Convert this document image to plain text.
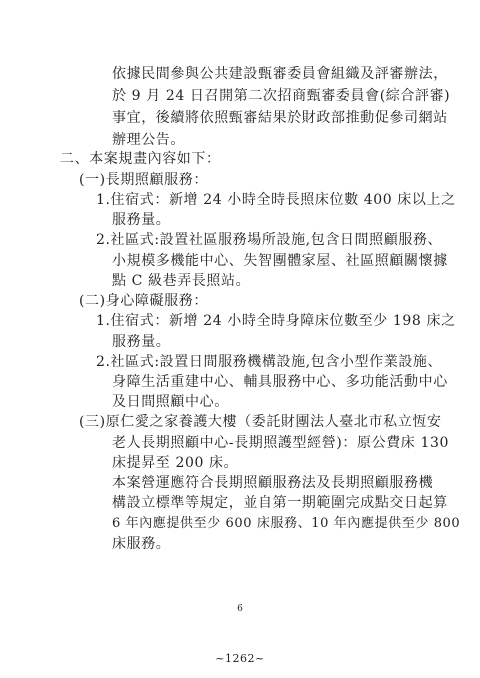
依據民間參與公共建設甄審委員會組織及評審辦法，
於 9 月 24 日召開第二次招商甄審委員會(綜合評審)
事宜，後續將依照甄審結果於財政部推動促參司網站
辦理公告。
二、本案規畫內容如下：
(一)長期照顧服務：
1.住宿式：新增 24 小時全時長照床位數 400 床以上之
服務量。
2.社區式:設置社區服務場所設施,包含日間照顧服務、
小規模多機能中心、失智團體家屋、社區照顧關懷據
點 C 級巷弄長照站。
(二)身心障礙服務：
1.住宿式：新增 24 小時全時身障床位數至少 198 床之
服務量。
2.社區式:設置日間服務機構設施,包含小型作業設施、
身障生活重建中心、輔具服務中心、多功能活動中心
及日間照顧中心。
(三)原仁愛之家養護大樓（委託財團法人臺北市私立恆安
老人長期照顧中心-長期照護型經營)：原公費床 130
床提昇至 200 床。
本案營運應符合長期照顧服務法及長期照顧服務機
構設立標準等規定，並自第一期範圍完成點交日起算
6 年內應提供至少 600 床服務、10 年內應提供至少 800
床服務。
6
~1262~
